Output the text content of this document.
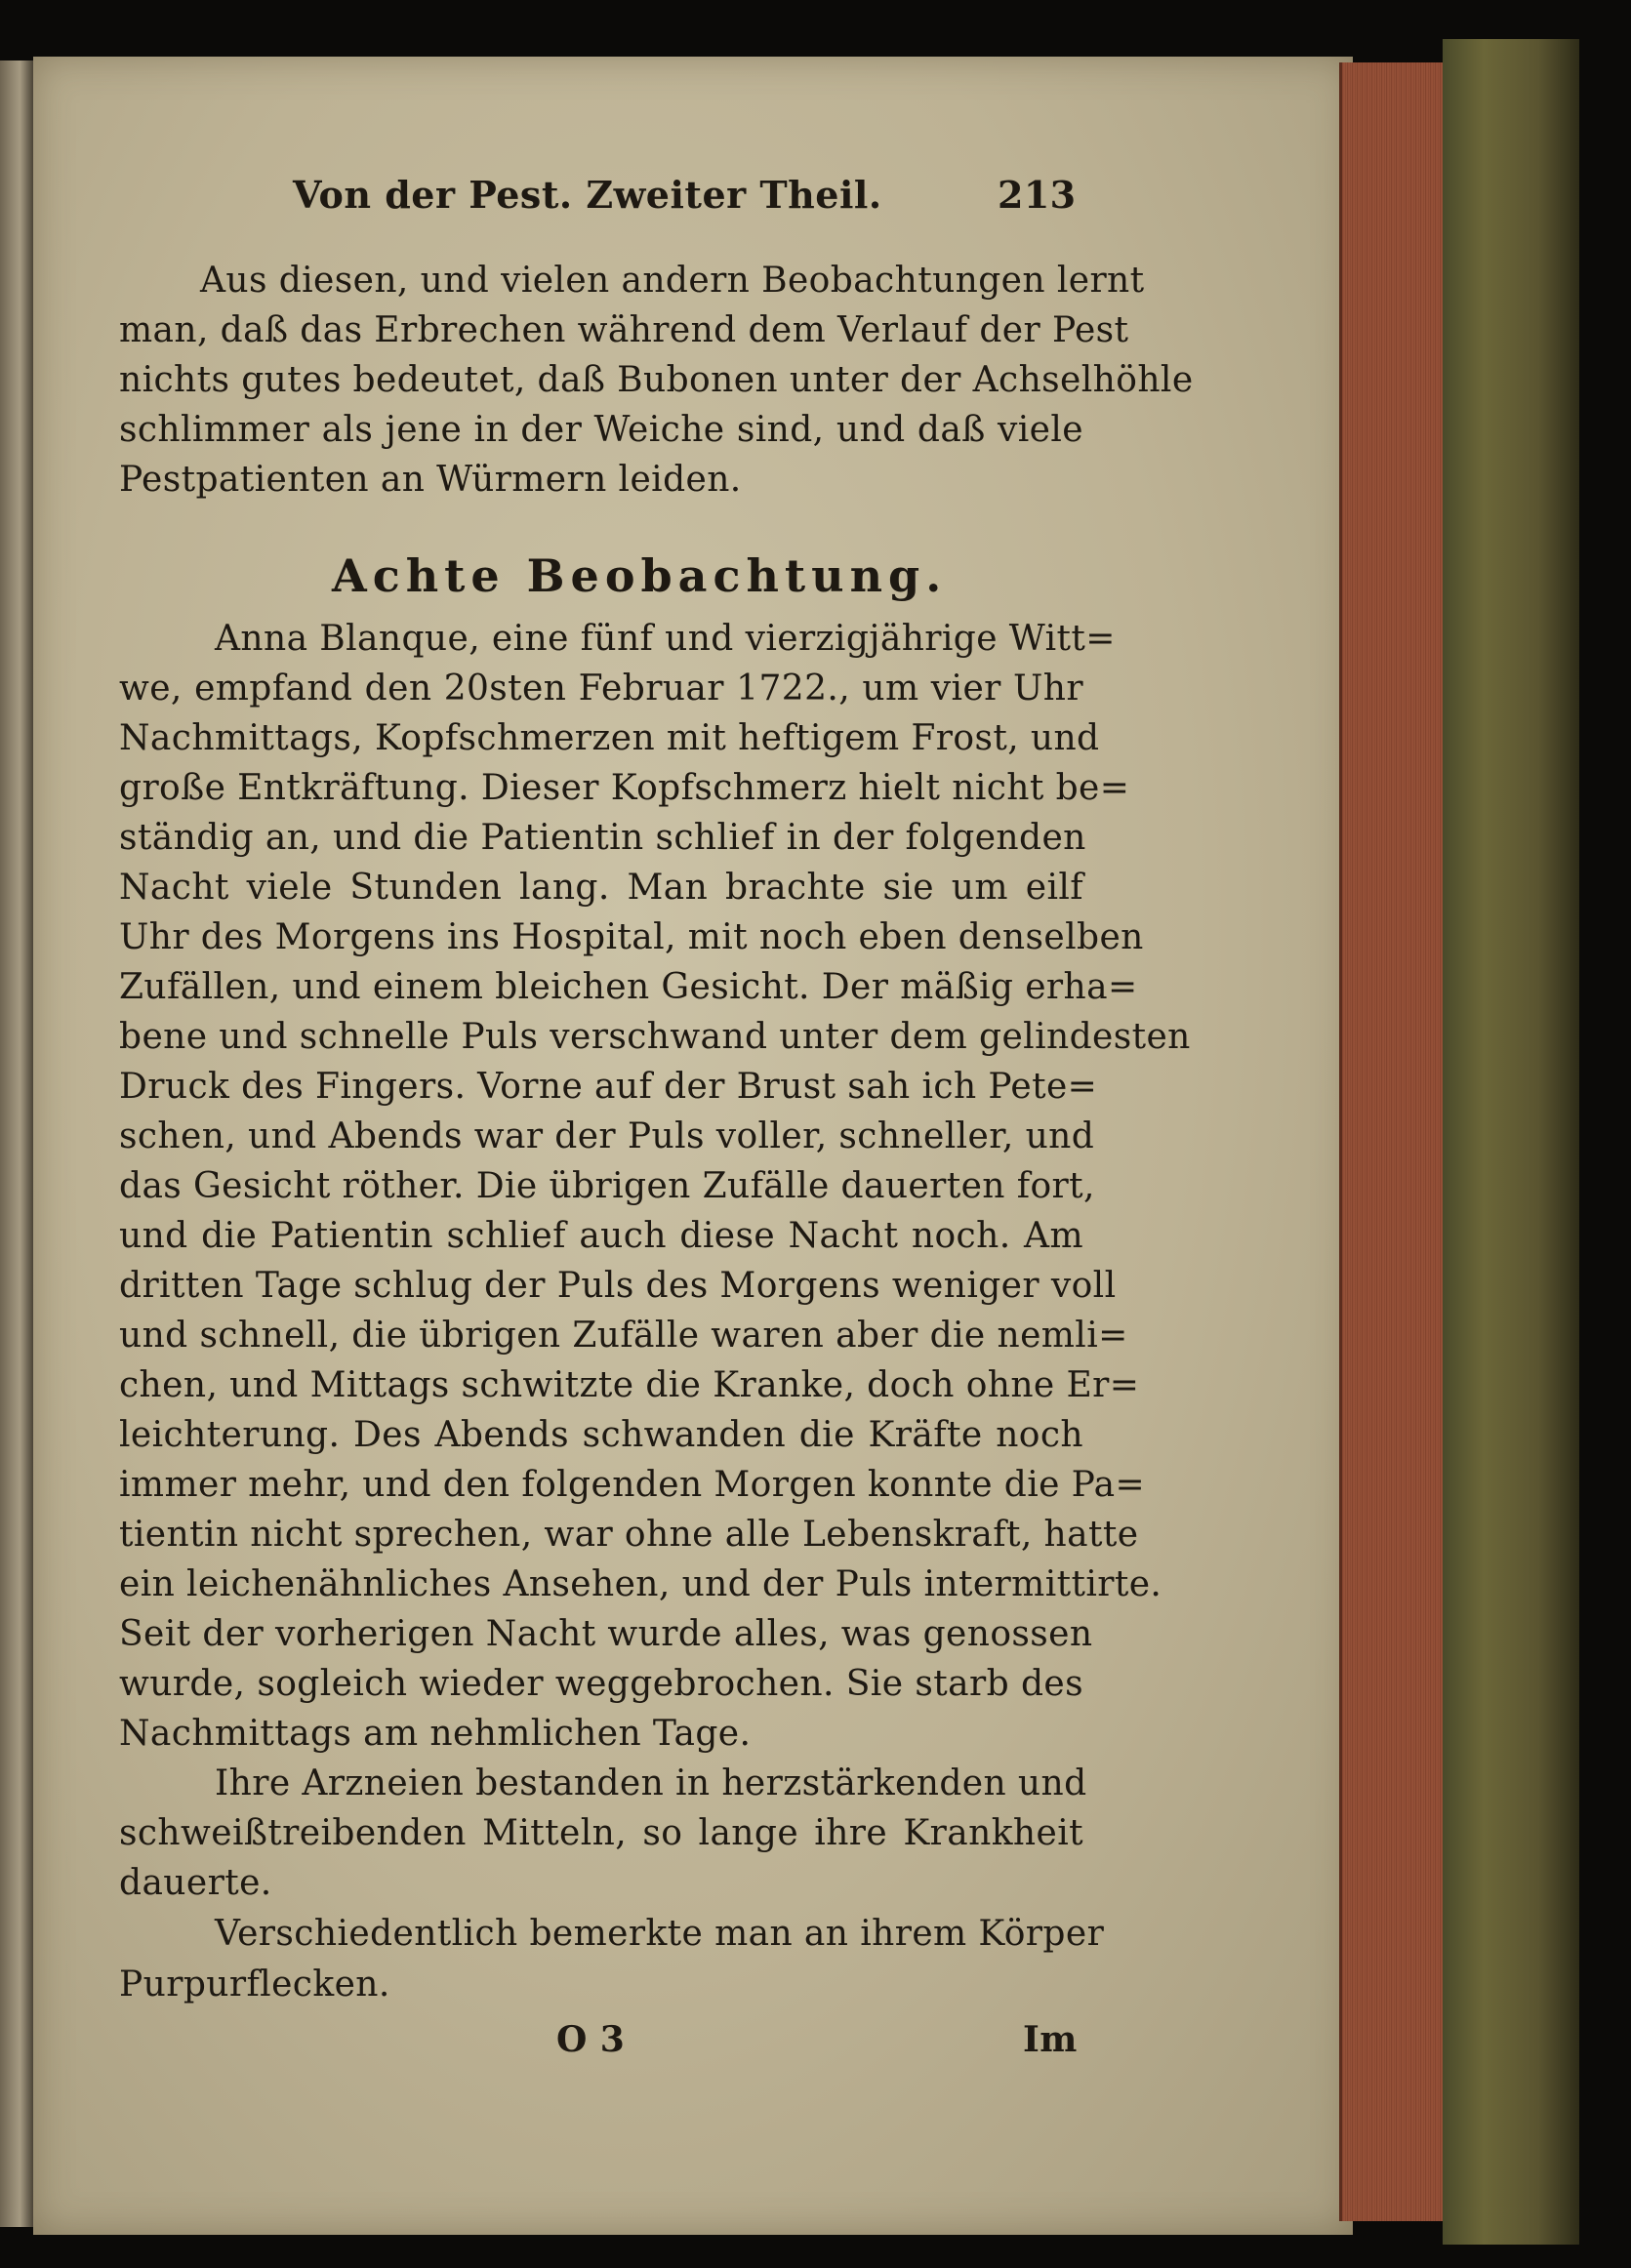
Von der Pest. Zweiter Theil.	213
Aus diesen, und vielen andern Beobachtungen lernt
man, daß das Erbrechen während dem Verlauf der Pest
nichts gutes bedeutet, daß Bubonen unter der Achselhöhle
schlimmer als jene in der Weiche sind, und daß viele
Pestpatienten an Würmern leiden.
Achte Beobachtung.
Anna Blanque, eine fünf und vierzigjährige Witt=
we, empfand den 20sten Februar 1722., um vier Uhr
Nachmittags, Kopfschmerzen mit heftigem Frost, und
große Entkräftung. Dieser Kopfschmerz hielt nicht be=
ständig an, und die Patientin schlief in der folgenden
Nacht viele Stunden lang. Man brachte sie um eilf
Uhr des Morgens ins Hospital, mit noch eben denselben
Zufällen, und einem bleichen Gesicht. Der mäßig erha=
bene und schnelle Puls verschwand unter dem gelindesten
Druck des Fingers. Vorne auf der Brust sah ich Pete=
schen, und Abends war der Puls voller, schneller, und
das Gesicht röther. Die übrigen Zufälle dauerten fort,
und die Patientin schlief auch diese Nacht noch. Am
dritten Tage schlug der Puls des Morgens weniger voll
und schnell, die übrigen Zufälle waren aber die nemli=
chen, und Mittags schwitzte die Kranke, doch ohne Er=
leichterung. Des Abends schwanden die Kräfte noch
immer mehr, und den folgenden Morgen konnte die Pa=
tientin nicht sprechen, war ohne alle Lebenskraft, hatte
ein leichenähnliches Ansehen, und der Puls intermittirte.
Seit der vorherigen Nacht wurde alles, was genossen
wurde, sogleich wieder weggebrochen. Sie starb des
Nachmittags am nehmlichen Tage.
Ihre Arzneien bestanden in herzstärkenden und
schweißtreibenden Mitteln, so lange ihre Krankheit
dauerte.
Verschiedentlich bemerkte man an ihrem Körper
Purpurflecken.
O 3	Im
